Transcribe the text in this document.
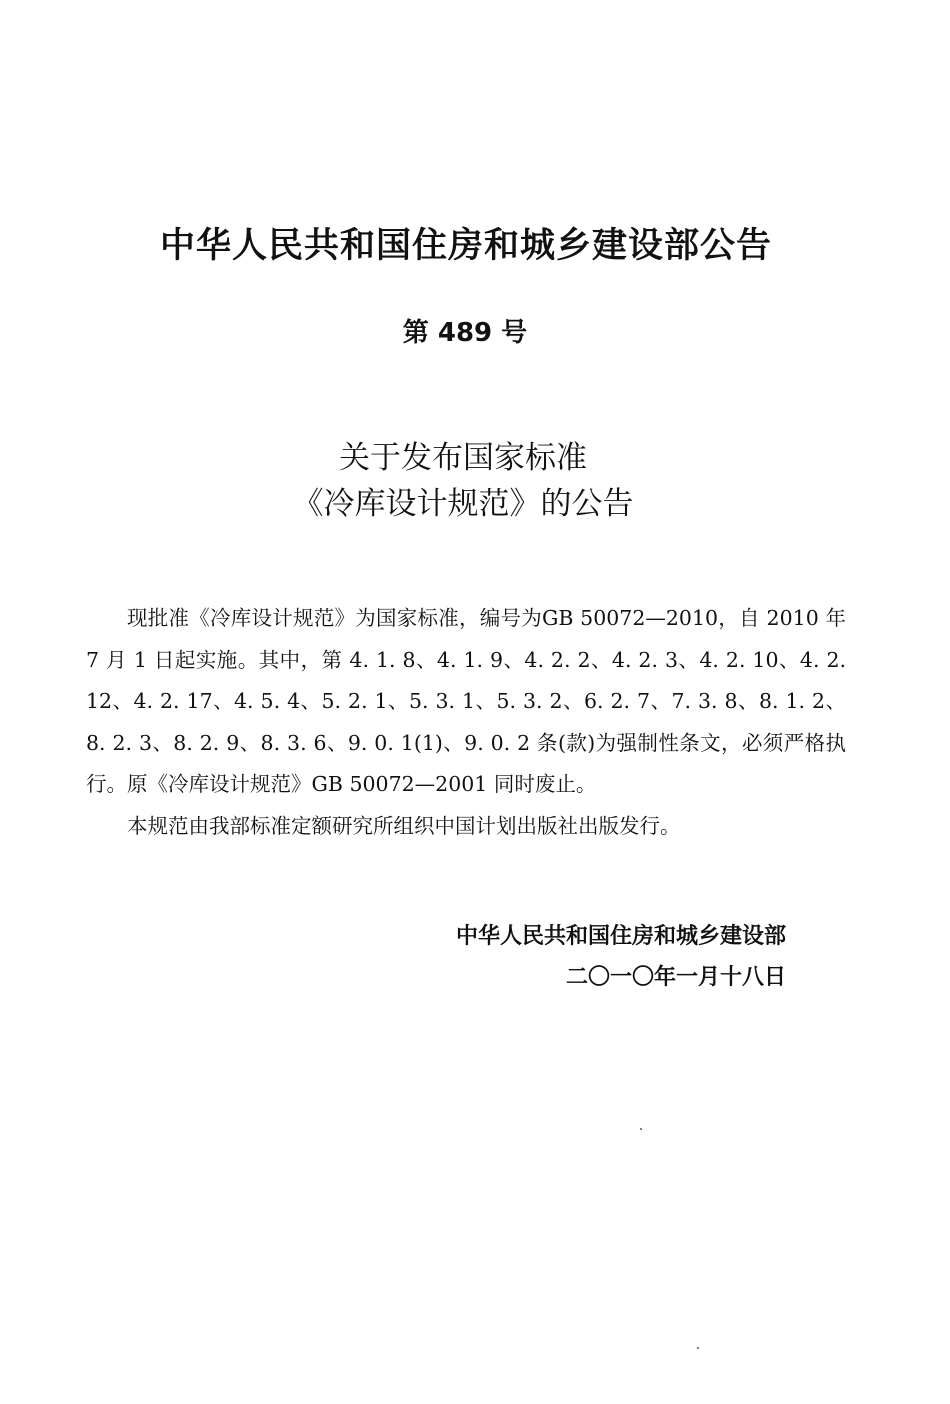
中华人民共和国住房和城乡建设部公告
第 489 号
关于发布国家标准
《冷库设计规范》的公告

现批准《冷库设计规范》为国家标准，编号为GB 50072—2010，自 2010 年 7 月 1 日起实施。其中，第 4. 1. 8、4. 1. 9、4. 2. 2、4. 2. 3、4. 2. 10、4. 2. 12、4. 2. 17、4. 5. 4、5. 2. 1、5. 3. 1、5. 3. 2、6. 2. 7、7. 3. 8、8. 1. 2、8. 2. 3、8. 2. 9、8. 3. 6、9. 0. 1(1)、9. 0. 2 条(款)为强制性条文，必须严格执行。原《冷库设计规范》GB 50072—2001 同时废止。

本规范由我部标准定额研究所组织中国计划出版社出版发行。

中华人民共和国住房和城乡建设部
二〇一〇年一月十八日
